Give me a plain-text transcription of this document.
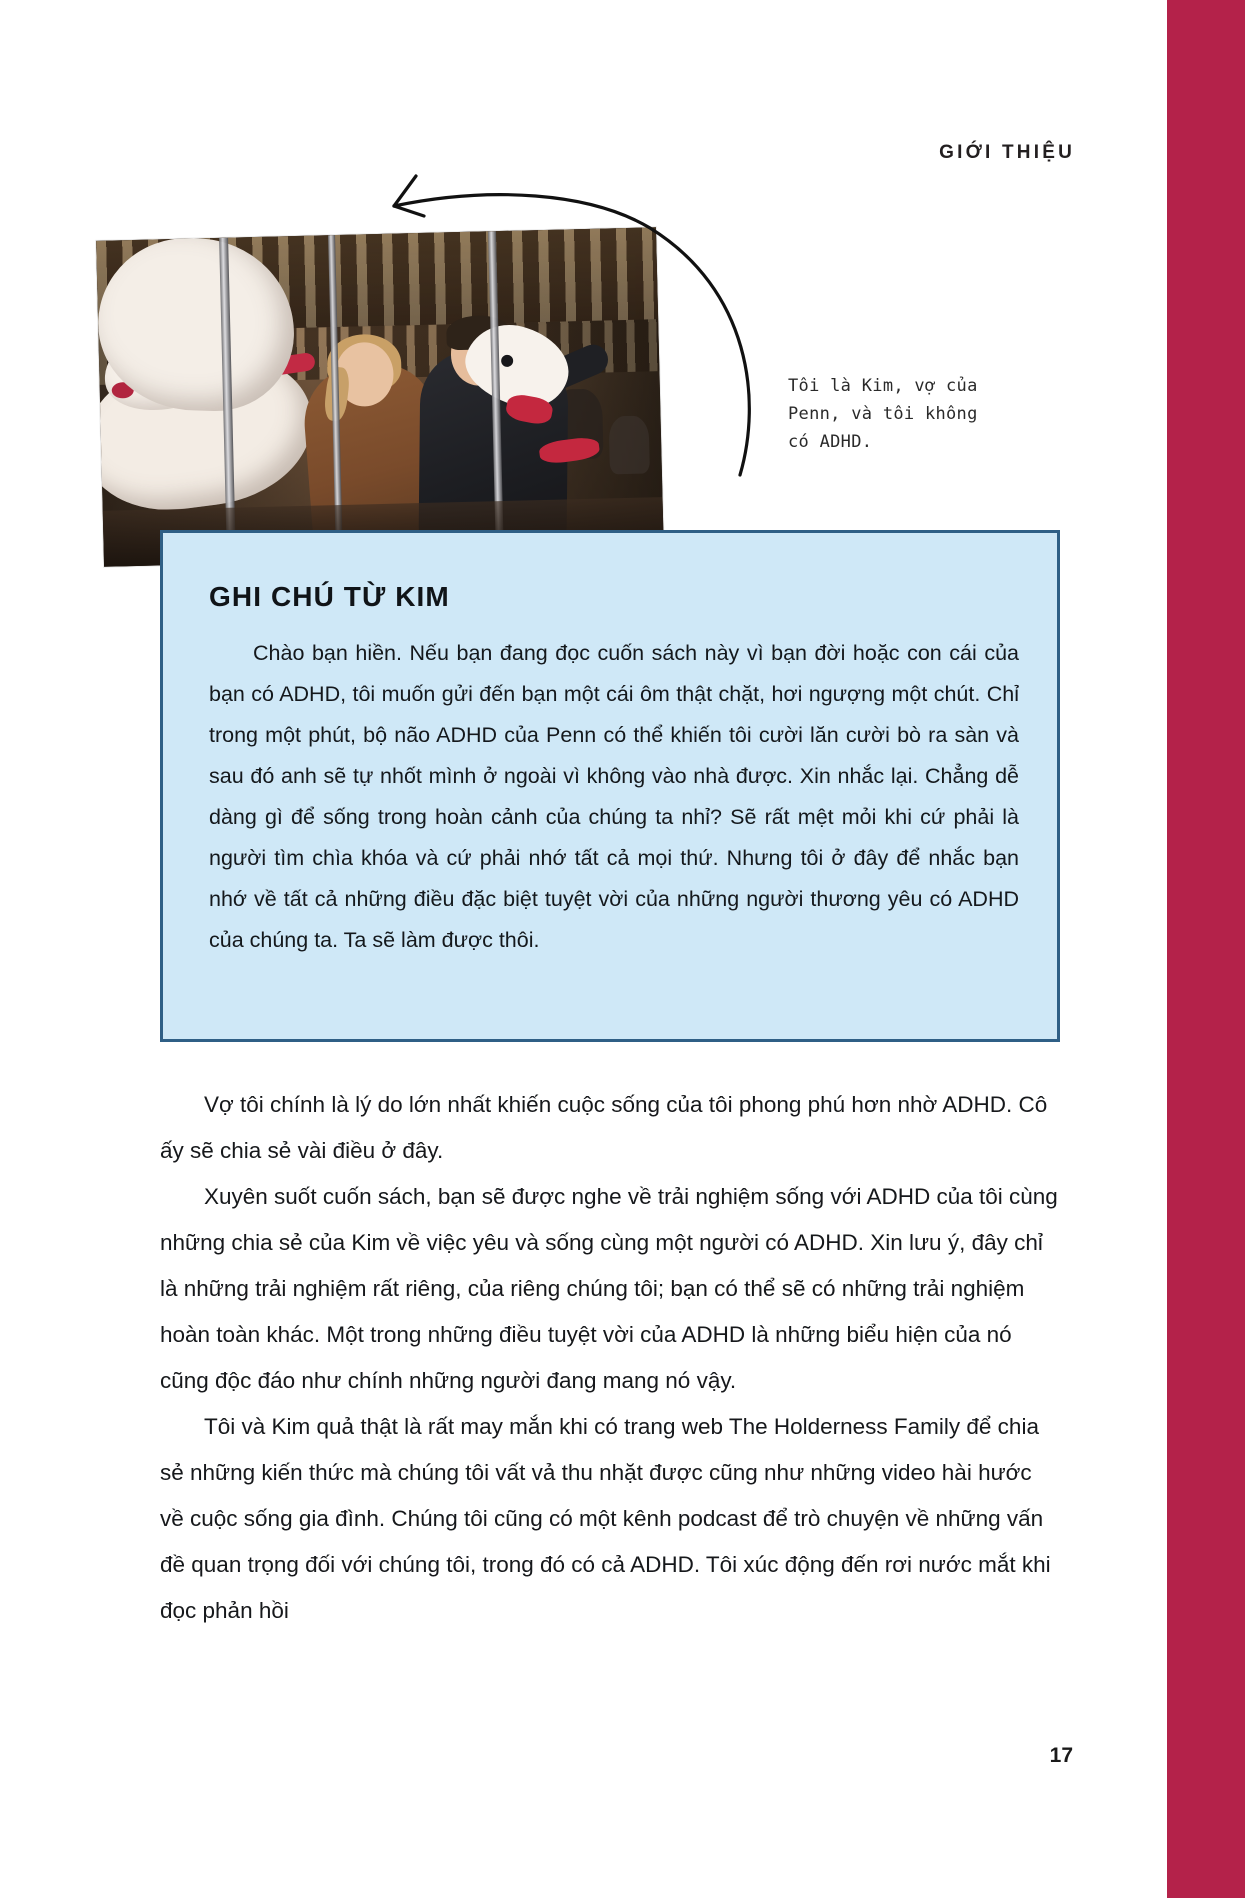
GIỚI THIỆU
Tôi là Kim, vợ của Penn, và tôi không có ADHD.
GHI CHÚ TỪ KIM
Chào bạn hiền. Nếu bạn đang đọc cuốn sách này vì bạn đời hoặc con cái của bạn có ADHD, tôi muốn gửi đến bạn một cái ôm thật chặt, hơi ngượng một chút. Chỉ trong một phút, bộ não ADHD của Penn có thể khiến tôi cười lăn cười bò ra sàn và sau đó anh sẽ tự nhốt mình ở ngoài vì không vào nhà được. Xin nhắc lại. Chẳng dễ dàng gì để sống trong hoàn cảnh của chúng ta nhỉ? Sẽ rất mệt mỏi khi cứ phải là người tìm chìa khóa và cứ phải nhớ tất cả mọi thứ. Nhưng tôi ở đây để nhắc bạn nhớ về tất cả những điều đặc biệt tuyệt vời của những người thương yêu có ADHD của chúng ta. Ta sẽ làm được thôi.

Vợ tôi chính là lý do lớn nhất khiến cuộc sống của tôi phong phú hơn nhờ ADHD. Cô ấy sẽ chia sẻ vài điều ở đây.

Xuyên suốt cuốn sách, bạn sẽ được nghe về trải nghiệm sống với ADHD của tôi cùng những chia sẻ của Kim về việc yêu và sống cùng một người có ADHD. Xin lưu ý, đây chỉ là những trải nghiệm rất riêng, của riêng chúng tôi; bạn có thể sẽ có những trải nghiệm hoàn toàn khác. Một trong những điều tuyệt vời của ADHD là những biểu hiện của nó cũng độc đáo như chính những người đang mang nó vậy.

Tôi và Kim quả thật là rất may mắn khi có trang web The Holderness Family để chia sẻ những kiến thức mà chúng tôi vất vả thu nhặt được cũng như những video hài hước về cuộc sống gia đình. Chúng tôi cũng có một kênh podcast để trò chuyện về những vấn đề quan trọng đối với chúng tôi, trong đó có cả ADHD. Tôi xúc động đến rơi nước mắt khi đọc phản hồi

17
